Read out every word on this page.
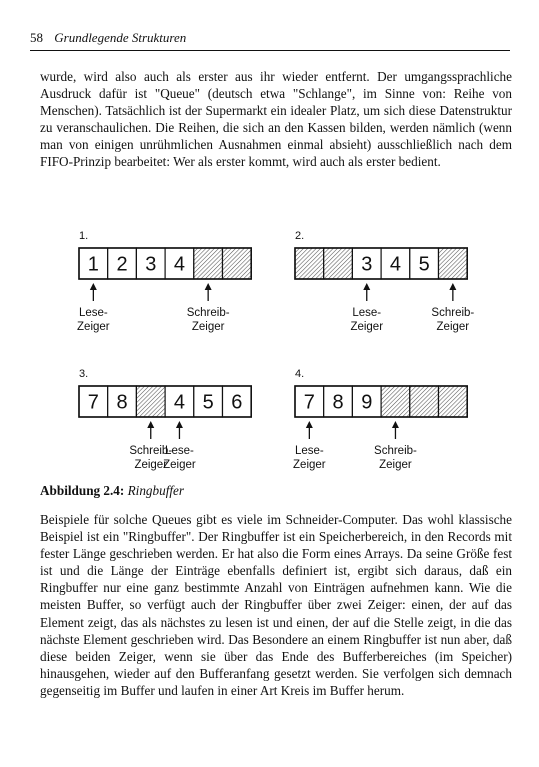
58 Grundlegende Strukturen

wurde, wird also auch als erster aus ihr wieder entfernt. Der umgangssprachliche Ausdruck dafür ist "Queue" (deutsch etwa "Schlange", im Sinne von: Reihe von Menschen). Tatsächlich ist der Supermarkt ein idealer Platz, um sich diese Datenstruktur zu veranschaulichen. Die Reihen, die sich an den Kassen bilden, werden nämlich (wenn man von einigen unrühmlichen Ausnahmen einmal absieht) ausschließlich nach dem FIFO-Prinzip bearbeitet: Wer als erster kommt, wird auch als erster bedient.

1.
1 2 3 4
Lese-
Zeiger
Schreib-
Zeiger
2.
3 4 5
Lese-
Zeiger
Schreib-
Zeiger
3.
7 8 4 5 6
Schreib-
Zeiger
Lese-
Zeiger
4.
7 8 9
Lese-
Zeiger
Schreib-
Zeiger
Abbildung 2.4: Ringbuffer

Beispiele für solche Queues gibt es viele im Schneider-Computer. Das wohl klassische Beispiel ist ein "Ringbuffer". Der Ringbuffer ist ein Speicherbereich, in den Records mit fester Länge geschrieben werden. Er hat also die Form eines Arrays. Da seine Größe fest ist und die Länge der Einträge ebenfalls definiert ist, ergibt sich daraus, daß ein Ringbuffer nur eine ganz bestimmte Anzahl von Einträgen aufnehmen kann. Wie die meisten Buffer, so verfügt auch der Ringbuffer über zwei Zeiger: einen, der auf das Element zeigt, das als nächstes zu lesen ist und einen, der auf die Stelle zeigt, in die das nächste Element geschrieben wird. Das Besondere an einem Ringbuffer ist nun aber, daß diese beiden Zeiger, wenn sie über das Ende des Bufferbereiches (im Speicher) hinausgehen, wieder auf den Bufferanfang gesetzt werden. Sie verfolgen sich demnach gegenseitig im Buffer und laufen in einer Art Kreis im Buffer herum.
